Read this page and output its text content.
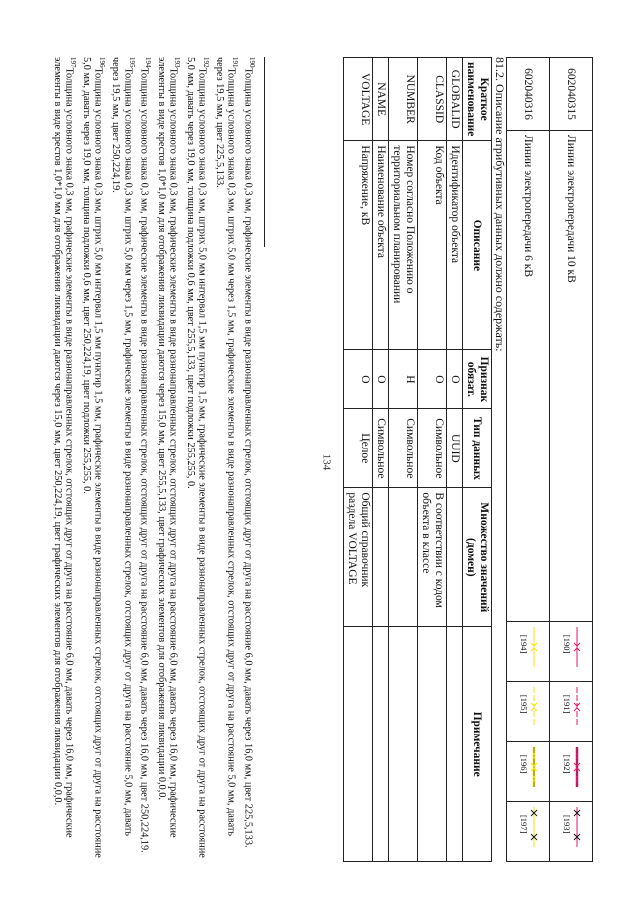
134
602040315	Линии электропередачи 10 кВ	[190]	[191]	[192]	[193]

602040316	Линии электропередачи 6 кВ	[194]	[195]	[196]	[197]
81.2. Описание атрибутивных данных должно содержать:
Краткое наименование	Описание	Признак обязат.	Тип данных	Множество значений (домен)	Примечание
GLOBALID	Идентификатор объекта	О	UUID		
CLASSID	Код объекта	О	Символьное	В соответствии с кодом объекта в классе	
NUMBER	Номер согласно Положению о территориальном планировании	Н	Символьное		
NAME	Наименование объекта	О	Символьное		
VOLTAGE	Напряжение, кВ	О	Целое	Общий справочник раздела VOLTAGE	

$^{190}$Толщина условного знака 0,3 мм, графические элементы в виде разнонаправленных стрелок, отстоящих друг от друга на расстояние 6,0 мм, давать через 16,0 мм, цвет 225,5,133.

$^{191}$Толщина условного знака 0,3 мм, штрих 5,0 мм через 1,5 мм, графические элементы в виде разнонаправленных стрелок, отстоящих друг от друга на расстояние 5,0 мм, давать через 19,5 мм, цвет 225,5,133.

$^{192}$Толщина условного знака 0,3 мм, штрих 5,0 мм интервал 1,5 мм пунктир 1,5 мм, графические элементы в виде разнонаправленных стрелок, отстоящих друг от друга на расстояние 5,0 мм, давать через 19,0 мм, толщина подложки 0,6 мм, цвет 255,5,133, цвет подложки 255,255, 0.

$^{193}$Толщина условного знака 0,3 мм, графические элементы в виде разнонаправленных стрелок, отстоящих друг от друга на расстояние 6,0 мм, давать через 16,0 мм, графические элементы в виде крестов 1,0*1,0 мм для отображения ликвидации даются через 15,0 мм, цвет 255,5,133, цвет графических элементов для отображения ликвидации 0,0,0.

$^{194}$Толщина условного знака 0,3 мм, графические элементы в виде разнонаправленных стрелок, отстоящих друг от друга на расстояние 6,0 мм, давать через 16,0 мм, цвет 250,224,19.

$^{195}$Толщина условного знака 0,3 мм, штрих 5,0 мм через 1,5 мм, графические элементы в виде разнонаправленных стрелок, отстоящих друг от друга на расстояние 5,0 мм, давать через 19,5 мм, цвет 250,224,19.

$^{196}$Толщина условного знака 0,3 мм, штрих 5,0 мм интервал 1,5 мм пунктир 1,5 мм, графические элементы в виде разнонаправленных стрелок, отстоящих друг от друга на расстояние 5,0 мм, давать через 19,0 мм, толщина подложки 0,6 мм, цвет 250,224,19, цвет подложки 255,255, 0.

$^{197}$Толщина условного знака 0,3 мм, графические элементы в виде разнонаправленных стрелок, отстоящих друг от друга на расстояние 6,0 мм, давать через 16,0 мм, графические элементы в виде крестов 1,0*1,0 мм для отображения ликвидации даются через 15,0 мм, цвет 250,224,19, цвет графических элементов для отображения ликвидации 0,0,0.
